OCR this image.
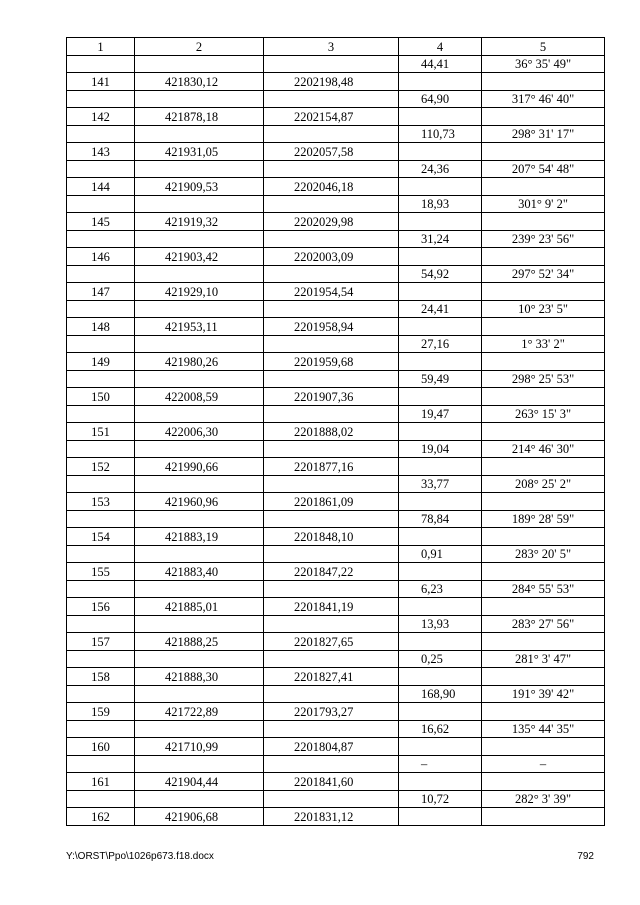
1	2	3	4	5
			44,41	36° 35' 49"
141	421830,12	2202198,48		
			64,90	317° 46' 40"
142	421878,18	2202154,87		
			110,73	298° 31' 17"
143	421931,05	2202057,58		
			24,36	207° 54' 48"
144	421909,53	2202046,18		
			18,93	301° 9' 2"
145	421919,32	2202029,98		
			31,24	239° 23' 56"
146	421903,42	2202003,09		
			54,92	297° 52' 34"
147	421929,10	2201954,54		
			24,41	10° 23' 5"
148	421953,11	2201958,94		
			27,16	1° 33' 2"
149	421980,26	2201959,68		
			59,49	298° 25' 53"
150	422008,59	2201907,36		
			19,47	263° 15' 3"
151	422006,30	2201888,02		
			19,04	214° 46' 30"
152	421990,66	2201877,16		
			33,77	208° 25' 2"
153	421960,96	2201861,09		
			78,84	189° 28' 59"
154	421883,19	2201848,10		
			0,91	283° 20' 5"
155	421883,40	2201847,22		
			6,23	284° 55' 53"
156	421885,01	2201841,19		
			13,93	283° 27' 56"
157	421888,25	2201827,65		
			0,25	281° 3' 47"
158	421888,30	2201827,41		
			168,90	191° 39' 42"
159	421722,89	2201793,27		
			16,62	135° 44' 35"
160	421710,99	2201804,87		
			–	–
161	421904,44	2201841,60		
			10,72	282° 3' 39"
162	421906,68	2201831,12		
Y:\ORST\Ppo\1026p673.f18.docx	792
